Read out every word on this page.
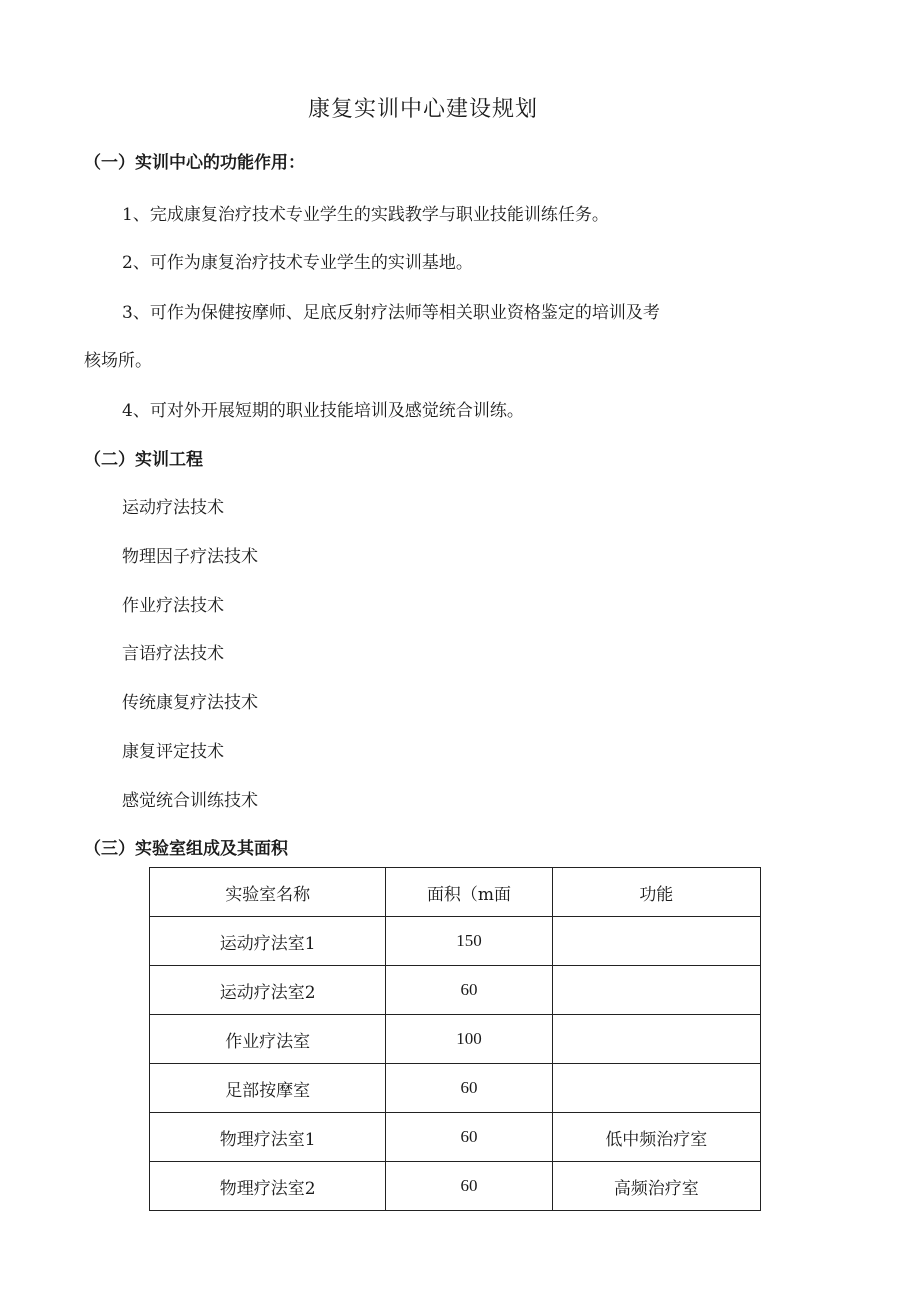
康复实训中心建设规划
（一）实训中心的功能作用：
1、完成康复治疗技术专业学生的实践教学与职业技能训练任务。
2、可作为康复治疗技术专业学生的实训基地。
3、可作为保健按摩师、足底反射疗法师等相关职业资格鉴定的培训及考
核场所。
4、可对外开展短期的职业技能培训及感觉统合训练。
（二）实训工程
运动疗法技术
物理因子疗法技术
作业疗法技术
言语疗法技术
传统康复疗法技术
康复评定技术
感觉统合训练技术
（三）实验室组成及其面积
实验室名称	面积（m面	功能
运动疗法室1	150	
运动疗法室2	60	
作业疗法室	100	
足部按摩室	60	
物理疗法室1	60	低中频治疗室
物理疗法室2	60	高频治疗室
